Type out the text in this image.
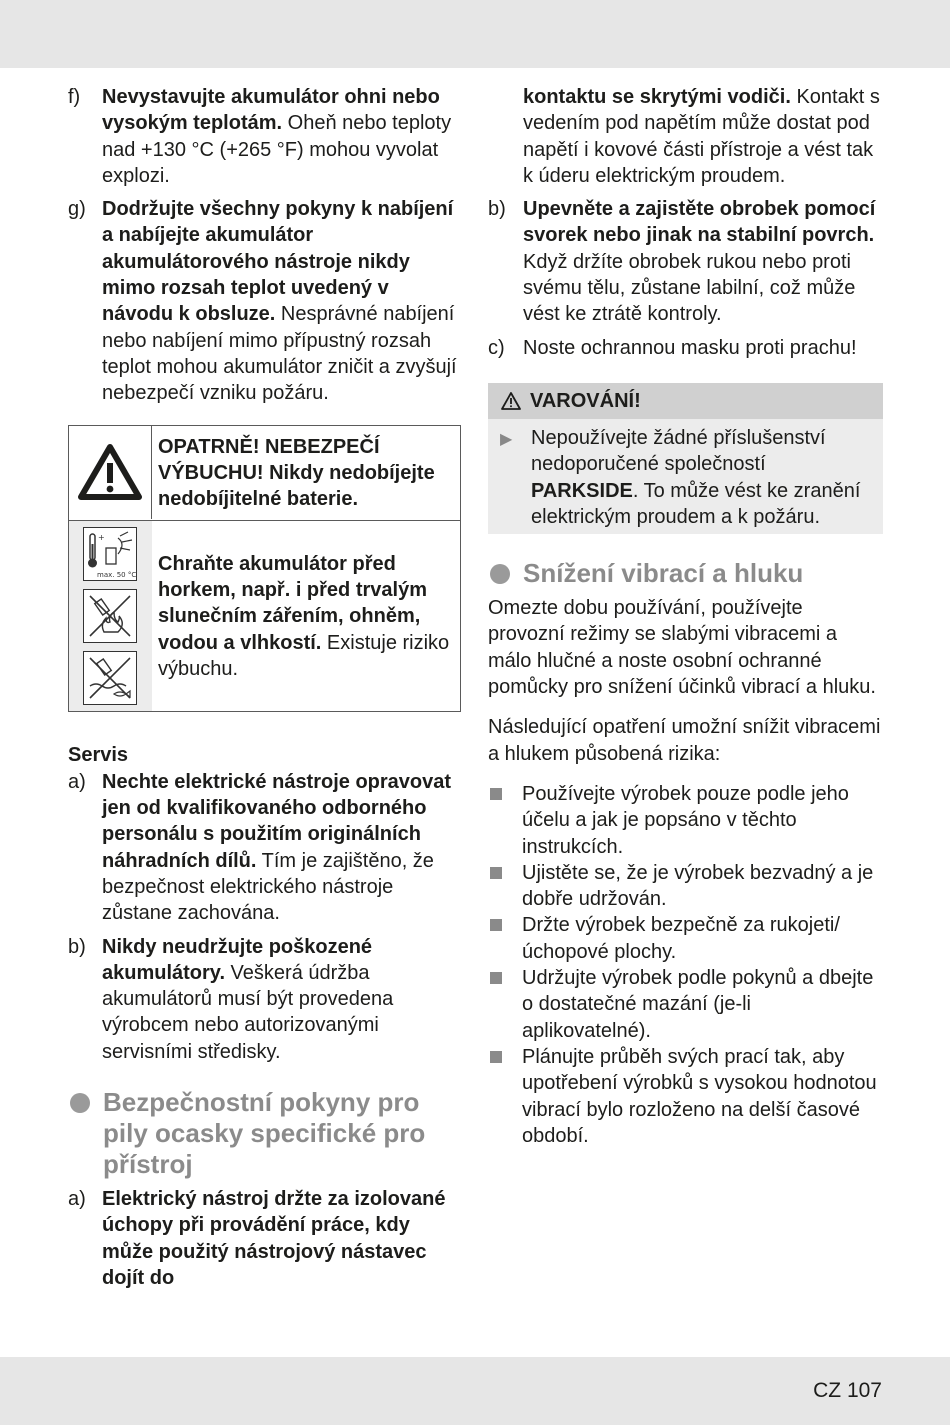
f)	Nevystavujte akumulátor ohni nebo vysokým teplotám. Oheň nebo teploty nad +130 °C (+265 °F) mohou vyvolat explozi.
g) Dodržujte všechny pokyny k nabíjení a nabíjejte akumulátor akumulátorového nástroje nikdy mimo rozsah teplot uvedený v návodu k obsluze. Nesprávné nabíjení nebo nabíjení mimo přípustný rozsah teplot mohou akumulátor zničit a zvyšují nebezpečí vzniku požáru.
OPATRNĚ! NEBEZPEČÍ VÝBUCHU! Nikdy nedobíjejte nedobíjitelné baterie.
+
max. 50 °C
Chraňte akumulátor před horkem, např. i před trvalým slunečním zářením, ohněm, vodou a vlhkostí. Existuje riziko výbuchu.
Servis
a) Nechte elektrické nástroje opravovat jen od kvalifikovaného odborného personálu s použitím originálních náhradních dílů. Tím je zajištěno, že bezpečnost elektrického nástroje zůstane zachována.
b) Nikdy neudržujte poškozené akumulátory. Veškerá údržba akumulátorů musí být provedena výrobcem nebo autorizovanými servisními středisky.
Bezpečnostní pokyny pro pily ocasky specifické pro přístroj
a) Elektrický nástroj držte za izolované úchopy při provádění práce, kdy může použitý nástrojový nástavec dojít do
kontaktu se skrytými vodiči. Kontakt s vedením pod napětím může dostat pod napětí i kovové části přístroje a vést tak k úderu elektrickým proudem.
b) Upevněte a zajistěte obrobek pomocí svorek nebo jinak na stabilní povrch. Když držíte obrobek rukou nebo proti svému tělu, zůstane labilní, což může vést ke ztrátě kontroly.
c) Noste ochrannou masku proti prachu!
VAROVÁNÍ!
▶ Nepoužívejte žádné příslušenství nedoporučené společností PARKSIDE. To může vést ke zranění elektrickým proudem a k požáru.
Snížení vibrací a hluku
Omezte dobu používání, používejte provozní režimy se slabými vibracemi a málo hlučné a noste osobní ochranné pomůcky pro snížení účinků vibrací a hluku.
Následující opatření umožní snížit vibracemi a hlukem působená rizika:
Používejte výrobek pouze podle jeho účelu a jak je popsáno v těchto instrukcích.
Ujistěte se, že je výrobek bezvadný a je dobře udržován.
Držte výrobek bezpečně za rukojeti/ úchopové plochy.
Udržujte výrobek podle pokynů a dbejte o dostatečné mazání (je-li aplikovatelné).
Plánujte průběh svých prací tak, aby upotřebení výrobků s vysokou hodnotou vibrací bylo rozloženo na delší časové období.
CZ 107
